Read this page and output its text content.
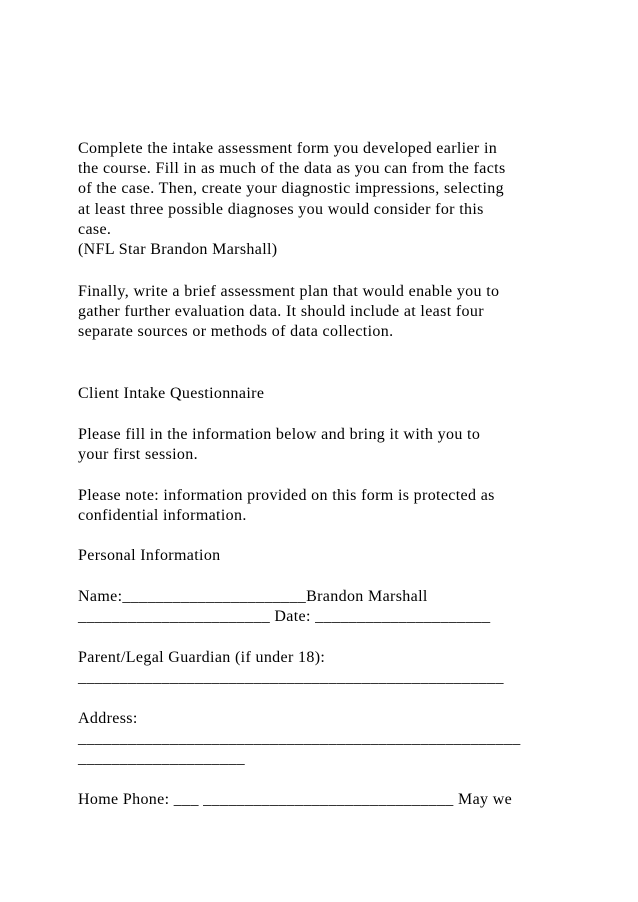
Complete the intake assessment form you developed earlier in
the course. Fill in as much of the data as you can from the facts
of the case. Then, create your diagnostic impressions, selecting
at least three possible diagnoses you would consider for this
case.
(NFL Star Brandon Marshall)
Finally, write a brief assessment plan that would enable you to
gather further evaluation data. It should include at least four
separate sources or methods of data collection.
Client Intake Questionnaire
Please fill in the information below and bring it with you to
your first session.
Please note: information provided on this form is protected as
confidential information.
Personal Information
Name:______________________Brandon Marshall
_______________________ Date: _____________________
Parent/Legal Guardian (if under 18):
___________________________________________________
Address:
_____________________________________________________
____________________
Home Phone: ___ ______________________________ May we
